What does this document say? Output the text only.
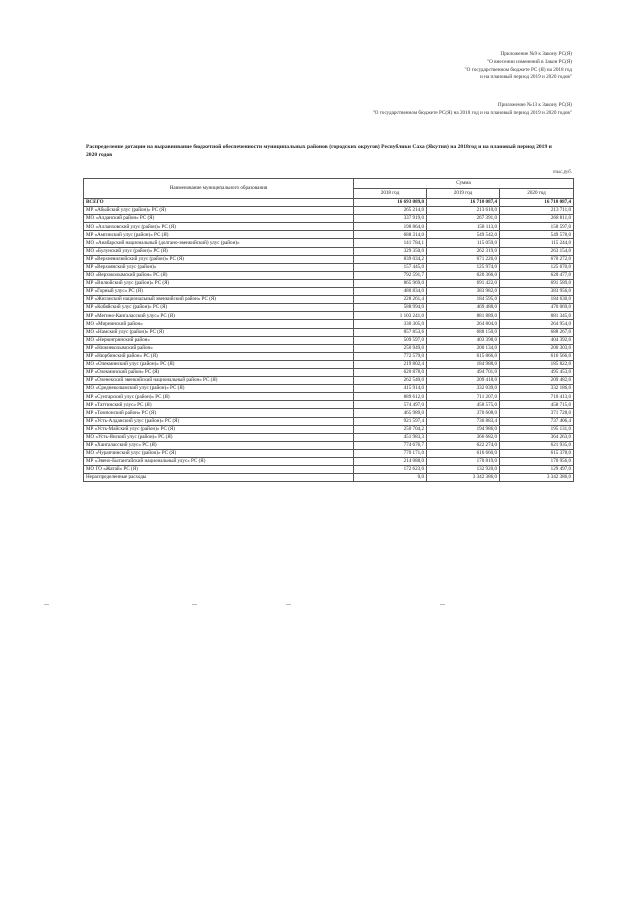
Приложение №9 к Закону РС(Я)
"О внесении изменений в Закон РС(Я)
"О государственном бюджете РС (Я) на 2018 год
и на плановый период 2019 и 2020 годов"
Приложение №13 к Закону РС(Я)
"О государственном бюджете РС(Я) на 2018 год и на плановый период 2019 и 2020 годов"
Распределение дотации на выравнивание бюджетной обеспеченности муниципальных районов (городских округов) Республики Саха (Якутия) на 2018год и на плановый период 2019 и 2020 годов
тыс.руб.
Наименование муниципального образования	Сумма		
	2018 год	2019 год	2020 год
ВСЕГО	16 693 089,0	16 710 087,4	16 710 087,4
МР «Абыйский улус (район)» РС (Я)	265 214,0	213 610,0	213 711,0
МО «Алданский район» РС (Я)	337 919,0	267 391,0	268 811,0
МО «Аллаиховский улус (район)» РС (Я)	198 864,0	158 113,0	158 597,0
МР «Амгинский улус (район)» РС (Я)	688 314,0	549 542,0	549 578,0
МО «Анабарский национальный (долгано-эвенкийский) улус (район)»	141 784,1	115 059,0	115 244,0
МО «Булунский улус (район)» РС (Я)	329 350,0	262 319,0	263 154,0
МР «Верхневилюйский улус (район)» РС (Я)	839 034,2	671 226,0	670 272,0
МР «Верхоянский улус (район)»	157 445,0	125 974,0	125 670,0
МО «Верхоколымский район» РС (Я)	792 591,7	620 366,0	620 477,0
МР «Вилюйский улус (район)» РС (Я)	865 969,0	691 422,0	691 589,0
МР «Горный улус» РС (Я)	480 834,0	383 982,0	383 956,0
МР «Жиганский национальный эвенкийский район» РС (Я)	228 261,4	184 595,0	184 630,0
МР «Кобяйский улус (район)» РС (Я)	588 994,0	469 488,0	470 069,0
МР «Мегино-Кангаласский улус» РС (Я)	1 103 241,0	881 889,0	881 345,0
МО «Мирнинский район»	330 305,0	264 804,0	264 954,0
МО «Намский улус (район)» РС (Я)	857 853,6	688 150,0	688 267,0
МО «Нерюнгринский район»	509 597,0	403 398,0	404 392,0
МР «Нижнеколымский район»	250 949,0	200 134,0	200 303,0
МР «Нюрбинский район» РС (Я)	772 579,0	615 866,0	616 566,0
МО «Олекминский улус (район)» РС (Я)	219 802,4	184 988,0	185 822,0
МР «Олекминский район» РС (Я)	620 878,0	494 701,0	495 453,0
МР «Оленекский эвенкийский национальный район» РС (Я)	262 540,0	209 418,0	209 482,0
МО «Среднеколымский улус (район)» РС (Я)	415 914,0	332 039,0	332 186,0
МР «Сунтарский улус (район)» РС (Я)	889 612,0	711 207,0	710 413,0
МР «Таттинский улус» РС (Я)	574 497,0	458 575,0	458 715,0
МР «Томпонский район» РС (Я)	465 989,0	370 608,0	371 728,0
МР «Усть-Алданский улус (район)» РС (Я)	921 597,4	736 883,4	737 406,4
МР «Усть-Майский улус (район)» РС (Я)	250 704,2	194 986,0	195 131,0
МО «Усть-Янский улус (район)» РС (Я)	451 983,3	366 682,0	364 263,0
МР «Хангаласский улус» РС (Я)	774 676,7	622 274,0	621 935,0
МО «Чурапчинский улус (район)» РС (Я)	770 171,0	616 660,0	615 378,0
МР «Эвено-Бытантайский национальный улус» РС (Я)	214 088,0	170 819,0	170 956,0
МО ГО «Жатай» РС (Я)	172 623,0	132 920,0	129 497,0
Нераспределенные расходы	0,0	3 342 386,0	3 342 386,0
